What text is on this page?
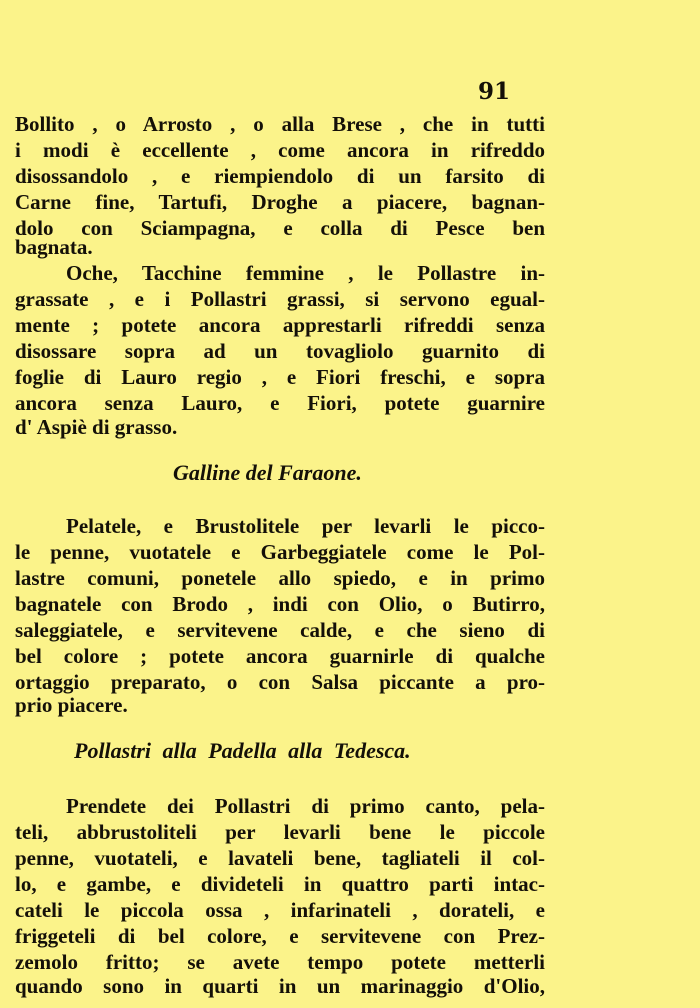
91
Bollito , o Arrosto , o alla Brese , che in tutti
i modi è eccellente , come ancora in rifreddo
disossandolo , e riempiendolo di un farsito di
Carne fine, Tartufi, Droghe a piacere, bagnan-
dolo con Sciampagna, e colla di Pesce ben
bagnata.
Oche, Tacchine femmine , le Pollastre in-
grassate , e i Pollastri grassi, si servono egual-
mente ; potete ancora apprestarli rifreddi senza
disossare sopra ad un tovagliolo guarnito di
foglie di Lauro regio , e Fiori freschi, e sopra
ancora senza Lauro, e Fiori, potete guarnire
d' Aspiè di grasso.
Galline del Faraone.
Pelatele, e Brustolitele per levarli le picco-
le penne, vuotatele e Garbeggiatele come le Pol-
lastre comuni, ponetele allo spiedo, e in primo
bagnatele con Brodo , indi con Olio, o Butirro,
saleggiatele, e servitevene calde, e che sieno di
bel colore ; potete ancora guarnirle di qualche
ortaggio preparato, o con Salsa piccante a pro-
prio piacere.
Pollastri alla Padella alla Tedesca.
Prendete dei Pollastri di primo canto, pela-
teli, abbrustoliteli per levarli bene le piccole
penne, vuotateli, e lavateli bene, tagliateli il col-
lo, e gambe, e divideteli in quattro parti intac-
cateli le piccola ossa , infarinateli , dorateli, e
friggeteli di bel colore, e servitevene con Prez-
zemolo fritto; se avete tempo potete metterli
quando sono in quarti in un marinaggio d'Olio,
